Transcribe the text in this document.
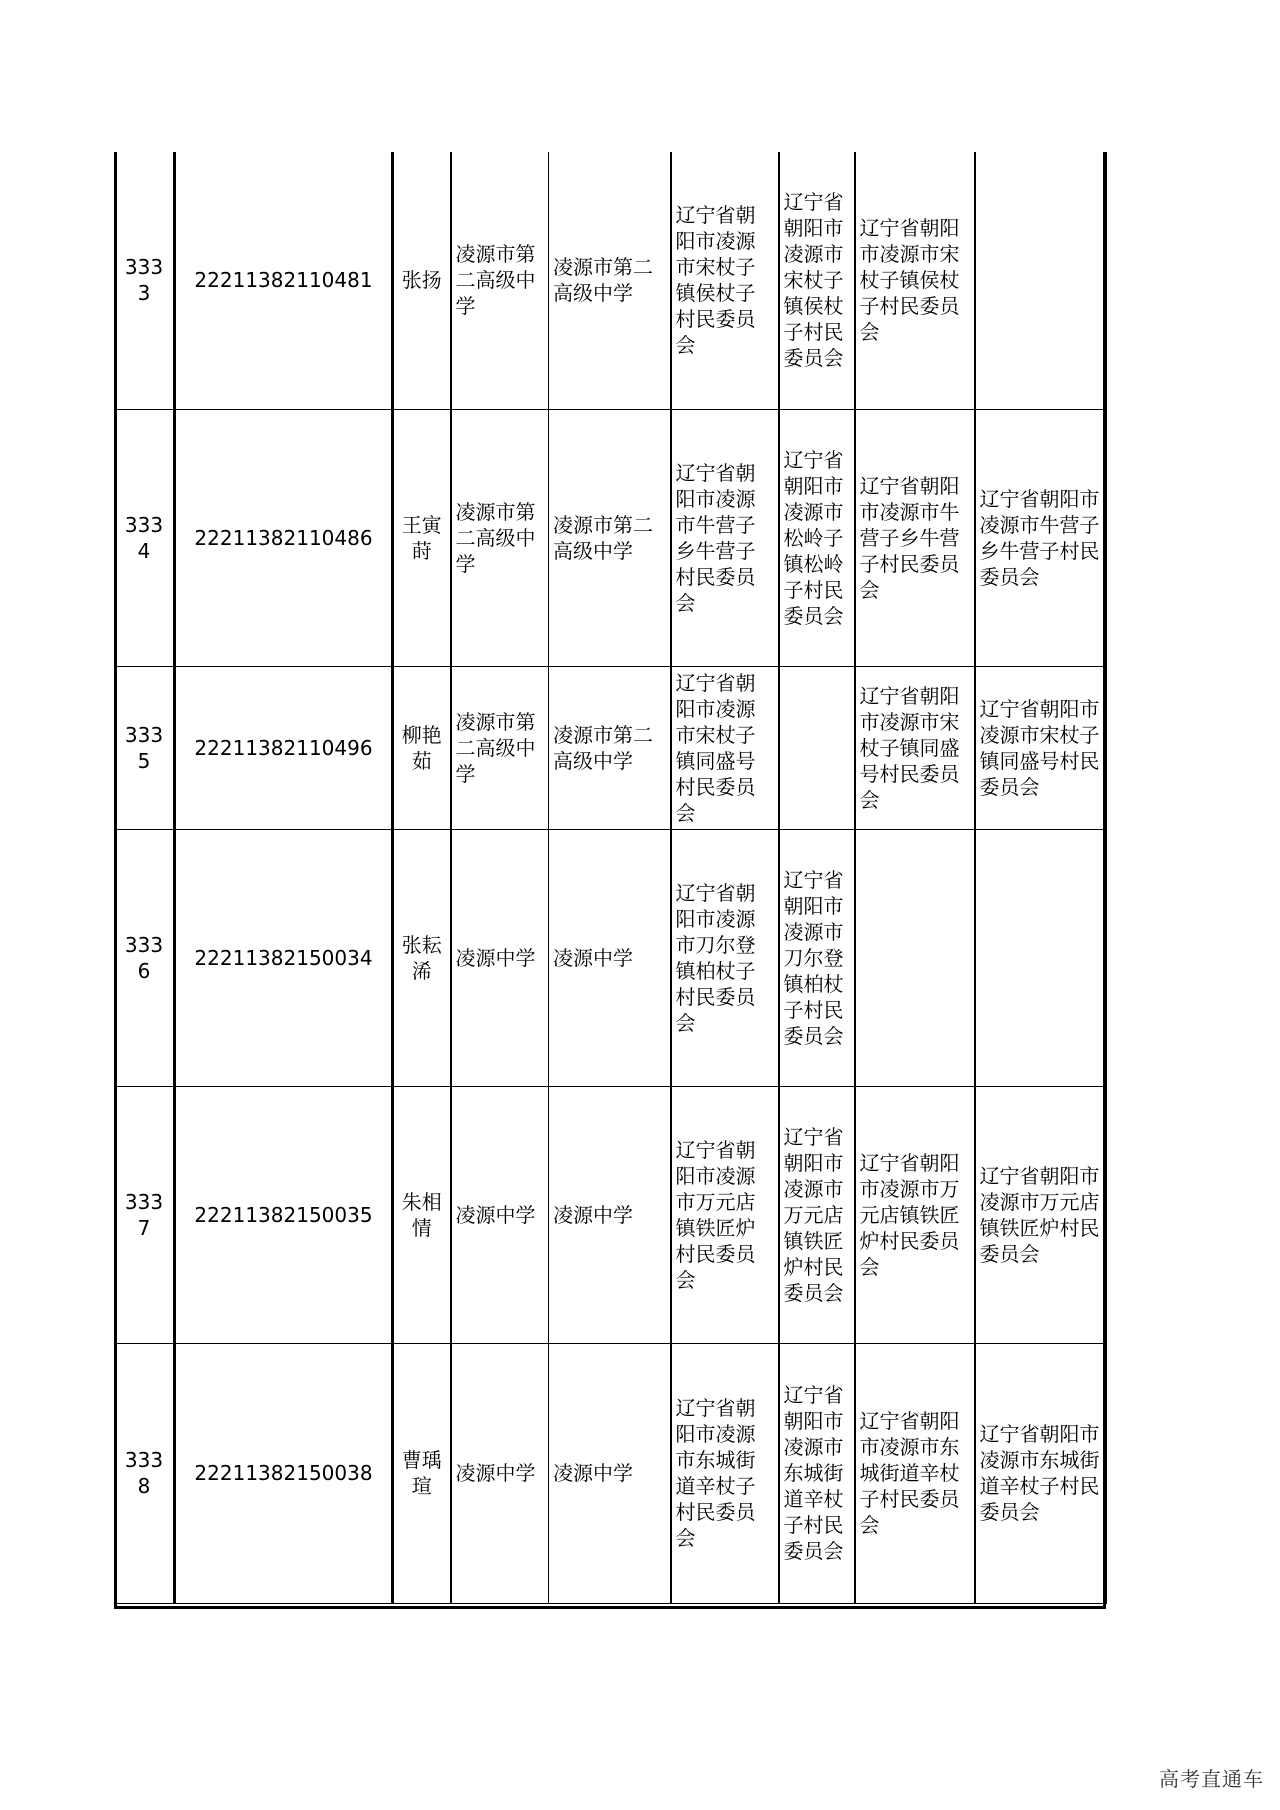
3333	22211382110481	张扬	凌源市第二高级中学	凌源市第二高级中学	辽宁省朝阳市凌源市宋杖子镇侯杖子村民委员会	辽宁省朝阳市凌源市宋杖子镇侯杖子村民委员会	辽宁省朝阳市凌源市宋杖子镇侯杖子村民委员会	
3334	22211382110486	王寅莳	凌源市第二高级中学	凌源市第二高级中学	辽宁省朝阳市凌源市牛营子乡牛营子村民委员会	辽宁省朝阳市凌源市松岭子镇松岭子村民委员会	辽宁省朝阳市凌源市牛营子乡牛营子村民委员会	辽宁省朝阳市凌源市牛营子乡牛营子村民委员会
3335	22211382110496	柳艳茹	凌源市第二高级中学	凌源市第二高级中学	辽宁省朝阳市凌源市宋杖子镇同盛号村民委员会		辽宁省朝阳市凌源市宋杖子镇同盛号村民委员会	辽宁省朝阳市凌源市宋杖子镇同盛号村民委员会
3336	22211382150034	张耘浠	凌源中学	凌源中学	辽宁省朝阳市凌源市刀尔登镇柏杖子村民委员会	辽宁省朝阳市凌源市刀尔登镇柏杖子村民委员会		
3337	22211382150035	朱相情	凌源中学	凌源中学	辽宁省朝阳市凌源市万元店镇铁匠炉村民委员会	辽宁省朝阳市凌源市万元店镇铁匠炉村民委员会	辽宁省朝阳市凌源市万元店镇铁匠炉村民委员会	辽宁省朝阳市凌源市万元店镇铁匠炉村民委员会
3338	22211382150038	曹瑀瑄	凌源中学	凌源中学	辽宁省朝阳市凌源市东城街道辛杖子村民委员会	辽宁省朝阳市凌源市东城街道辛杖子村民委员会	辽宁省朝阳市凌源市东城街道辛杖子村民委员会	辽宁省朝阳市凌源市东城街道辛杖子村民委员会
高考直通车
